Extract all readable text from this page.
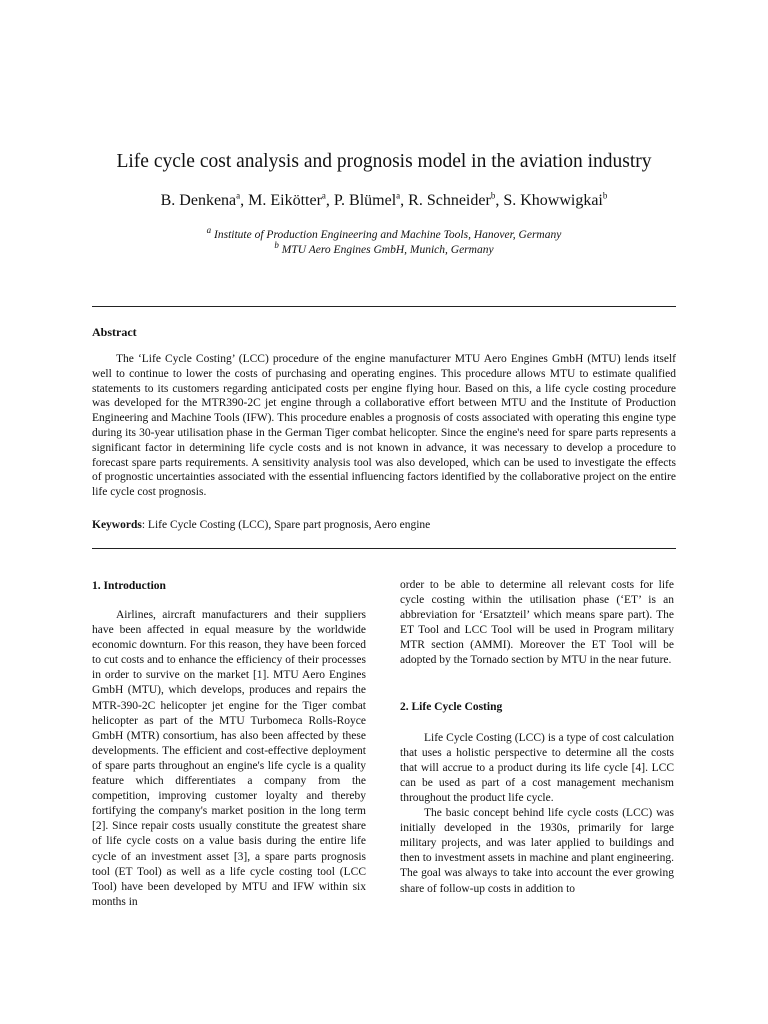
Life cycle cost analysis and prognosis model in the aviation industry
B. Denkena$^a$, M. Eikötter$^a$, P. Blümel$^a$, R. Schneider$^b$, S. Khowwigkai$^b$
$^a$ Institute of Production Engineering and Machine Tools, Hanover, Germany
$^b$ MTU Aero Engines GmbH, Munich, Germany
Abstract

The ‘Life Cycle Costing’ (LCC) procedure of the engine manufacturer MTU Aero Engines GmbH (MTU) lends itself well to continue to lower the costs of purchasing and operating engines. This procedure allows MTU to estimate qualified statements to its customers regarding anticipated costs per engine flying hour. Based on this, a life cycle costing procedure was developed for the MTR390-2C jet engine through a collaborative effort between MTU and the Institute of Production Engineering and Machine Tools (IFW). This procedure enables a prognosis of costs associated with operating this engine type during its 30-year utilisation phase in the German Tiger combat helicopter. Since the engine's need for spare parts represents a significant factor in determining life cycle costs and is not known in advance, it was necessary to develop a procedure to forecast spare parts requirements. A sensitivity analysis tool was also developed, which can be used to investigate the effects of prognostic uncertainties associated with the essential influencing factors identified by the collaborative project on the entire life cycle cost prognosis.

Keywords: Life Cycle Costing (LCC), Spare part prognosis, Aero engine

1. Introduction

Airlines, aircraft manufacturers and their suppliers have been affected in equal measure by the worldwide economic downturn. For this reason, they have been forced to cut costs and to enhance the efficiency of their processes in order to survive on the market [1]. MTU Aero Engines GmbH (MTU), which develops, produces and repairs the MTR-390-2C helicopter jet engine for the Tiger combat helicopter as part of the MTU Turbomeca Rolls-Royce GmbH (MTR) consortium, has also been affected by these developments. The efficient and cost-effective deployment of spare parts throughout an engine's life cycle is a quality feature which differentiates a company from the competition, improving customer loyalty and thereby fortifying the company's market position in the long term [2]. Since repair costs usually constitute the greatest share of life cycle costs on a value basis during the entire life cycle of an investment asset [3], a spare parts prognosis tool (ET Tool) as well as a life cycle costing tool (LCC Tool) have been developed by MTU and IFW within six months in

order to be able to determine all relevant costs for life cycle costing within the utilisation phase (‘ET’ is an abbreviation for ‘Ersatzteil’ which means spare part). The ET Tool and LCC Tool will be used in Program military MTR section (AMMI). Moreover the ET Tool will be adopted by the Tornado section by MTU in the near future.

2. Life Cycle Costing

Life Cycle Costing (LCC) is a type of cost calculation that uses a holistic perspective to determine all the costs that will accrue to a product during its life cycle [4]. LCC can be used as part of a cost management mechanism throughout the product life cycle.

The basic concept behind life cycle costs (LCC) was initially developed in the 1930s, primarily for large military projects, and was later applied to buildings and then to investment assets in machine and plant engineering. The goal was always to take into account the ever growing share of follow-up costs in addition to
